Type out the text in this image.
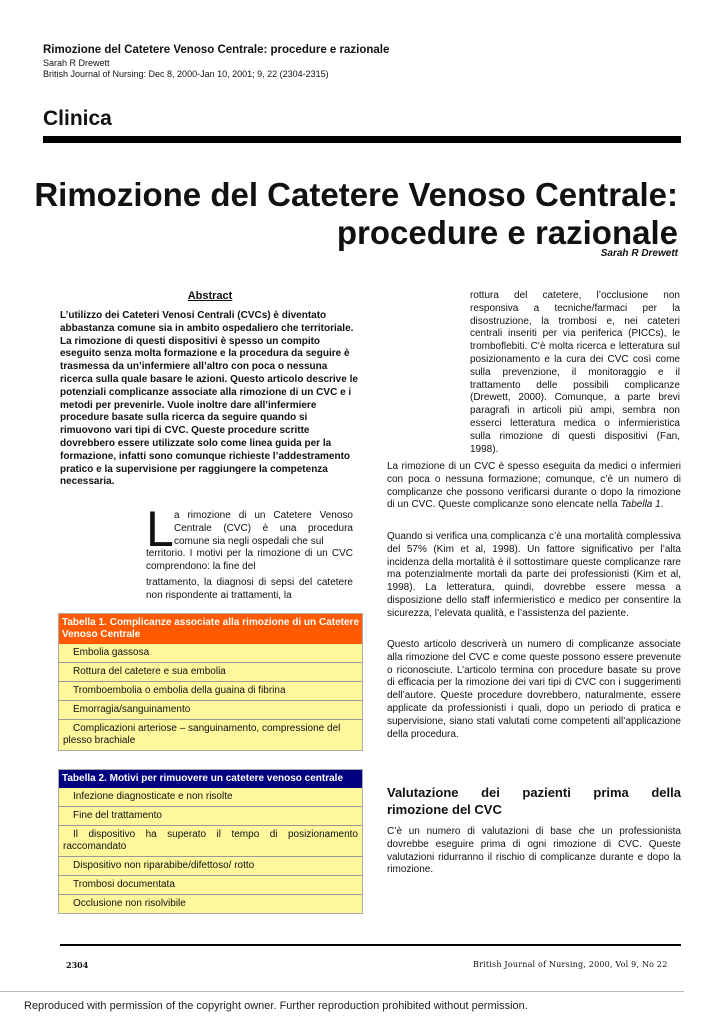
Rimozione del Catetere Venoso Centrale: procedure e razionale
Sarah R Drewett
British Journal of Nursing: Dec 8, 2000-Jan 10, 2001; 9, 22 (2304-2315)
Clinica
Rimozione del Catetere Venoso Centrale:
procedure e razionale
Sarah R Drewett
Abstract

L’utilizzo dei Cateteri Venosi Centrali (CVCs) è diventato abbastanza comune sia in ambito ospedaliero che territoriale. La rimozione di questi dispositivi è spesso un compito eseguito senza molta formazione e la procedura da seguire è trasmessa da un’infermiere all’altro con poca o nessuna ricerca sulla quale basare le azioni. Questo articolo descrive le potenziali complicanze associate alla rimozione di un CVC e i metodi per prevenirle. Vuole inoltre dare all’infermiere procedure basate sulla ricerca da seguire quando si rimuovono vari tipi di CVC. Queste procedure scritte dovrebbero essere utilizzate solo come linea guida per la formazione, infatti sono comunque richieste l’addestramento pratico e la supervisione per raggiungere la competenza necessaria.

L a rimozione di un Catetere Venoso Centrale (CVC) è una procedura comune sia negli ospedali che sul

territorio. I motivi per la rimozione di un CVC comprendono: la fine del

trattamento, la diagnosi di sepsi del catetere non rispondente ai trattamenti, la

Tabella 1. Complicanze associate alla rimozione di un Catetere Venoso Centrale
Embolia gassosa
Rottura del catetere e sua embolia
Tromboembolia o embolia della guaina di fibrina
Emorragia/sanguinamento
Complicazioni arteriose – sanguinamento, compressione del plesso brachiale
Tabella 2. Motivi per rimuovere un catetere venoso centrale
Infezione diagnosticate e non risolte
Fine del trattamento
Il dispositivo ha superato il tempo di posizionamento raccomandato
Dispositivo non riparabibe/difettoso/ rotto
Trombosi documentata
Occlusione non risolvibile

rottura del catetere, l’occlusione non responsiva a tecniche/farmaci per la disostruzione, la trombosi e, nei cateteri centrali inseriti per via periferica (PICCs), le tromboflebiti. C’è molta ricerca e letteratura sul posizionamento e la cura dei CVC così come sulla prevenzione, il monitoraggio e il trattamento delle possibili complicanze (Drewett, 2000). Comunque, a parte brevi paragrafi in articoli più ampi, sembra non esserci letteratura medica o infermieristica sulla rimozione di questi dispositivi (Fan, 1998).

La rimozione di un CVC è spesso eseguita da medici o infermieri con poca o nessuna formazione; comunque, c’è un numero di complicanze che possono verificarsi durante o dopo la rimozione di un CVC. Queste complicanze sono elencate nella Tabella 1.

Quando si verifica una complicanza c’è una mortalità complessiva del 57% (Kim et al, 1998). Un fattore significativo per l’alta incidenza della mortalità è il sottostimare queste complicanze rare ma potenzialmente mortali da parte dei professionisti (Kim et al, 1998). La letteratura, quindi, dovrebbe essere messa a disposizione dello staff infermieristico e medico per consentire la sicurezza, l’elevata qualità, e l’assistenza del paziente.

Questo articolo descriverà un numero di complicanze associate alla rimozione del CVC e come queste possono essere prevenute o riconosciute. L’articolo termina con procedure basate su prove di efficacia per la rimozione dei vari tipi di CVC con i suggerimenti dell’autore. Queste procedure dovrebbero, naturalmente, essere applicate da professionisti i quali, dopo un periodo di pratica e supervisione, siano stati valutati come competenti all’applicazione della procedura.

Valutazione dei pazienti prima della
rimozione del CVC

C’è un numero di valutazioni di base che un professionista dovrebbe eseguire prima di ogni rimozione di CVC. Queste valutazioni ridurranno il rischio di complicanze durante e dopo la rimozione.

2304	British Journal of Nursing, 2000, Vol 9, No 22
Reproduced with permission of the copyright owner. Further reproduction prohibited without permission.
